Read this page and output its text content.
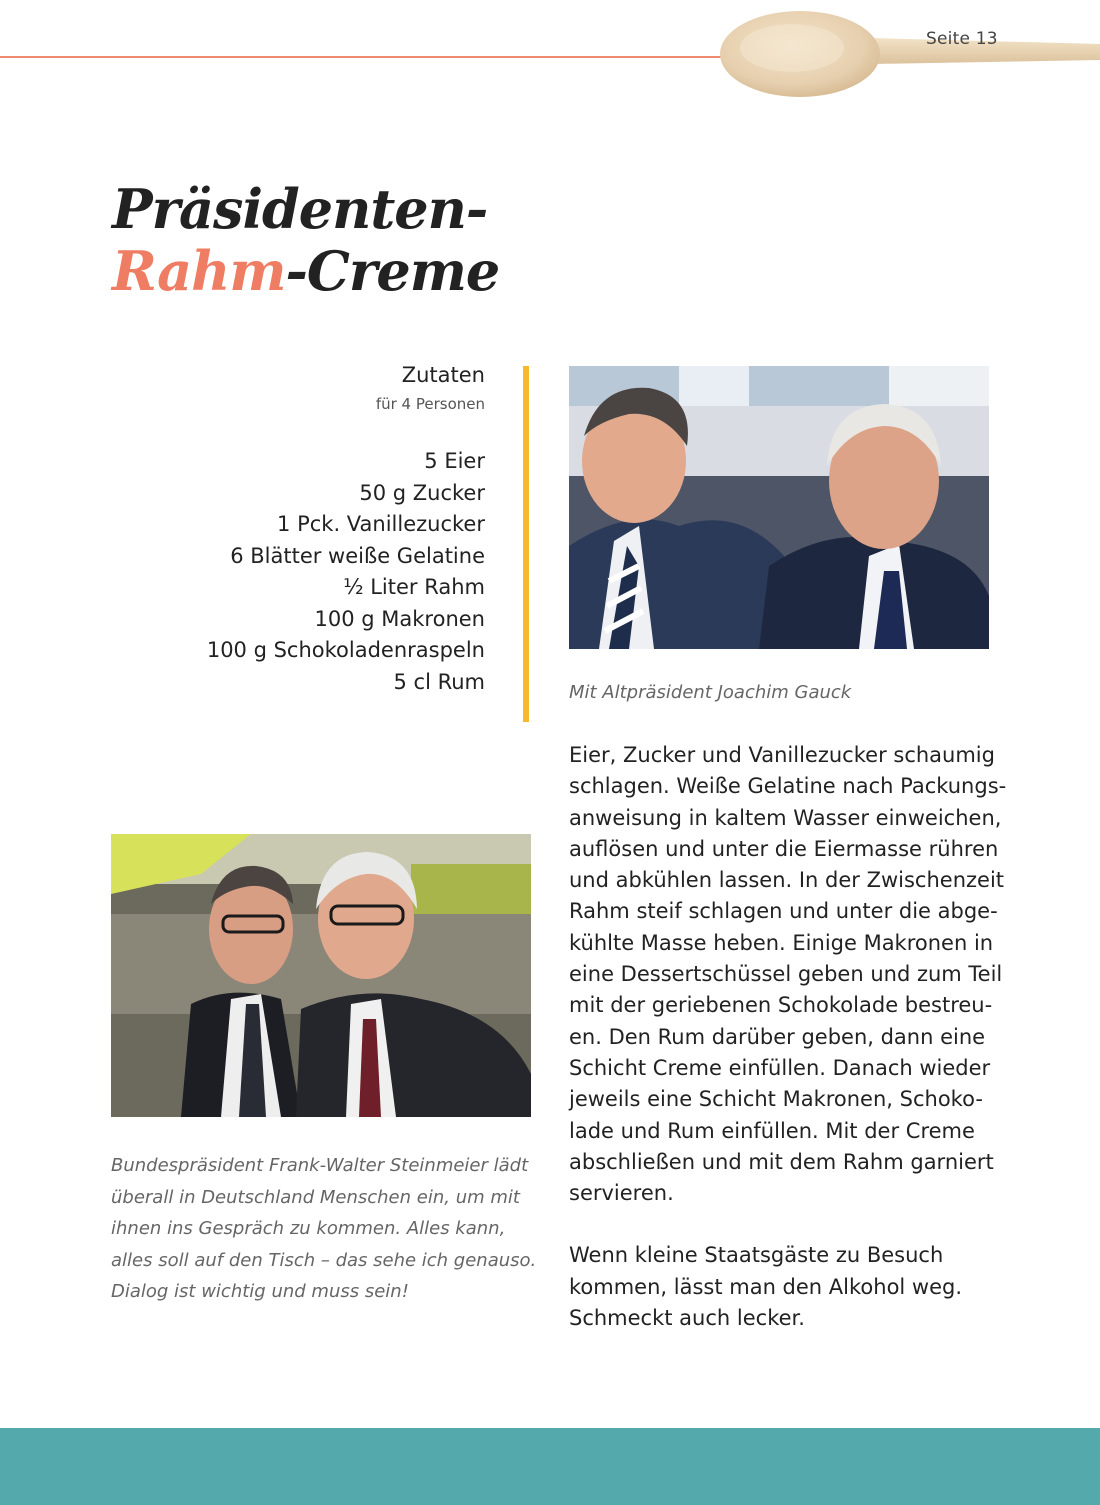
Seite 13
Präsidenten-
Rahm-Creme
Zutaten
für 4 Personen
5 Eier
50 g Zucker
1 Pck. Vanillezucker
6 Blätter weiße Gelatine
½ Liter Rahm
100 g Makronen
100 g Schokoladenraspeln
5 cl Rum	Mit Altpräsident Joachim Gauck
Bundespräsident Frank-Walter Steinmeier lädt
überall in Deutschland Menschen ein, um mit
ihnen ins Gespräch zu kommen. Alles kann,
alles soll auf den Tisch – das sehe ich genauso.
Dialog ist wichtig und muss sein!
Eier, Zucker und Vanillezucker schaumig
schlagen. Weiße Gelatine nach Packungs-
anweisung in kaltem Wasser einweichen,
auflösen und unter die Eiermasse rühren
und abkühlen lassen. In der Zwischenzeit
Rahm steif schlagen und unter die abge-
kühlte Masse heben. Einige Makronen in
eine Dessertschüssel geben und zum Teil
mit der geriebenen Schokolade bestreu-
en. Den Rum darüber geben, dann eine
Schicht Creme einfüllen. Danach wieder
jeweils eine Schicht Makronen, Schoko-
lade und Rum einfüllen. Mit der Creme
abschließen und mit dem Rahm garniert
servieren.
Wenn kleine Staatsgäste zu Besuch
kommen, lässt man den Alkohol weg.
Schmeckt auch lecker.
